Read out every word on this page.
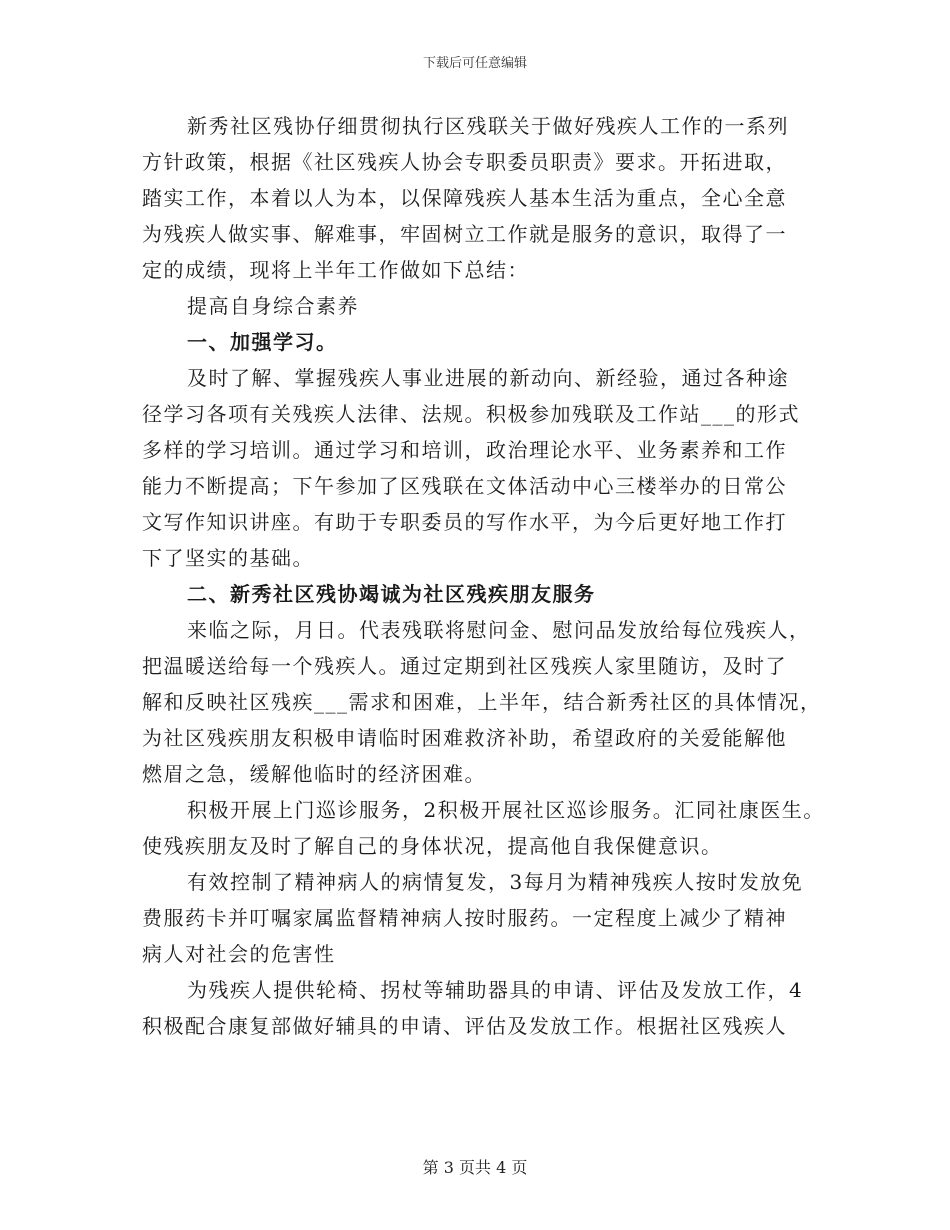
下载后可任意编辑
新秀社区残协仔细贯彻执行区残联关于做好残疾人工作的一系列
方针政策，根据《社区残疾人协会专职委员职责》要求。开拓进取，
踏实工作，本着以人为本，以保障残疾人基本生活为重点，全心全意
为残疾人做实事、解难事，牢固树立工作就是服务的意识，取得了一
定的成绩，现将上半年工作做如下总结：
提高自身综合素养
一、加强学习。
及时了解、掌握残疾人事业进展的新动向、新经验，通过各种途
径学习各项有关残疾人法律、法规。积极参加残联及工作站___的形式
多样的学习培训。通过学习和培训，政治理论水平、业务素养和工作
能力不断提高；下午参加了区残联在文体活动中心三楼举办的日常公
文写作知识讲座。有助于专职委员的写作水平，为今后更好地工作打
下了坚实的基础。
二、新秀社区残协竭诚为社区残疾朋友服务
来临之际，月日。代表残联将慰问金、慰问品发放给每位残疾人，
把温暖送给每一个残疾人。通过定期到社区残疾人家里随访，及时了
解和反映社区残疾___需求和困难，上半年，结合新秀社区的具体情况，
为社区残疾朋友积极申请临时困难救济补助，希望政府的关爱能解他
燃眉之急，缓解他临时的经济困难。
积极开展上门巡诊服务，2积极开展社区巡诊服务。汇同社康医生。
使残疾朋友及时了解自己的身体状况，提高他自我保健意识。
有效控制了精神病人的病情复发，3每月为精神残疾人按时发放免
费服药卡并叮嘱家属监督精神病人按时服药。一定程度上减少了精神
病人对社会的危害性
为残疾人提供轮椅、拐杖等辅助器具的申请、评估及发放工作，4
积极配合康复部做好辅具的申请、评估及发放工作。根据社区残疾人
第 3 页共 4 页
